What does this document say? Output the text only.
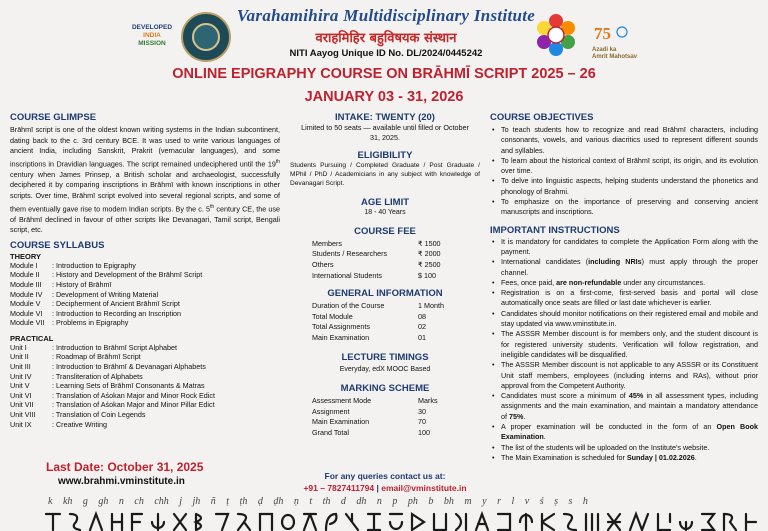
DEVELOPED
INDIA
MISSION
Varahamihira Multidisciplinary Institute
वराहमिहिर बहुविषयक संस्थान
NITI Aayog Unique ID No. DL/2024/0445242
75
Azadi ka
Amrit Mahotsav
ONLINE EPIGRAPHY COURSE ON BRĀHMĪ SCRIPT 2025 – 26
JANUARY 03 - 31, 2026
COURSE GLIMPSE

Brāhmī script is one of the oldest known writing systems in the Indian subcontinent, dating back to the c. 3rd century BCE. It was used to write various languages of ancient India, including Sanskrit, Prakrit (vernacular languages), and some inscriptions in Dravidian languages. The script remained undeciphered until the 19th century when James Prinsep, a British scholar and archaeologist, successfully deciphered it by comparing inscriptions in Brāhmī with known inscriptions in other scripts. Over time, Brāhmī script evolved into several regional scripts, and some of them eventually gave rise to modern Indian scripts. By the c. 5th century CE, the use of Brāhmī declined in favour of other scripts like Devanagari, Tamil script, Bengali script, etc.

COURSE SYLLABUS
THEORY
Module I	: Introduction to Epigraphy
Module II	: History and Development of the Brāhmī Script
Module III	: History of Brāhmī
Module IV	: Development of Writing Material
Module V	: Decipherment of Ancient Brāhmī Script
Module VI	: Introduction to Recording an Inscription
Module VII	: Problems in Epigraphy
PRACTICAL
Unit I	: Introduction to Brāhmī Script Alphabet
Unit II	: Roadmap of Brāhmī Script
Unit III	: Introduction to Brāhmī & Devanagari Alphabets
Unit IV	: Transliteration of Alphabets
Unit V	: Learning Sets of Brāhmī Consonants & Matras
Unit VI	: Translation of Aśokan Major and Minor Rock Edict
Unit VII	: Translation of Aśokan Major and Minor Pillar Edict
Unit VIII	: Translation of Coin Legends
Unit IX	: Creative Writing
Last Date: October 31, 2025
www.brahmi.vminstitute.in
INTAKE: TWENTY (20)
Limited to 50 seats — available until filled or October 31, 2025.
ELIGIBILITY
Students Pursuing / Completed Graduate / Post Graduate / MPhil / PhD / Academicians in any subject with knowledge of Devanagari Script.
AGE LIMIT
18 - 40 Years
COURSE FEE
Members	₹ 1500
Students / Researchers	₹ 2000
Others	₹ 2500
International Students	$ 100
GENERAL INFORMATION
Duration of the Course	1 Month
Total Module	08
Total Assignments	02
Main Examination	01
LECTURE TIMINGS
Everyday, edX MOOC Based
MARKING SCHEME
Assessment Mode	Marks
Assignment	30
Main Examination	70
Grand Total	100
For any queries contact us at:
+91 – 7827411794 | email@vminstitute.in
COURSE OBJECTIVES
• To teach students how to recognize and read Brāhmī characters, including consonants, vowels, and various diacritics used to represent different sounds and syllables.
• To learn about the historical context of Brāhmī script, its origin, and its evolution over time.
• To delve into linguistic aspects, helping students understand the phonetics and phonology of Brahmi.
• To emphasize on the importance of preserving and conserving ancient manuscripts and inscriptions.
IMPORTANT INSTRUCTIONS
• It is mandatory for candidates to complete the Application Form along with the payment.
• International candidates (including NRIs) must apply through the proper channel.
• Fees, once paid, are non-refundable under any circumstances.
• Registration is on a first-come, first-served basis and portal will close automatically once seats are filled or last date whichever is earlier.
• Candidates should monitor notifications on their registered email and mobile and stay updated via www.vminstitute.in.
• The ASSSR Member discount is for members only, and the student discount is for registered university students. Verification will follow registration, and ineligible candidates will be disqualified.
• The ASSSR Member discount is not applicable to any ASSSR or its Constituent Unit staff members, employees (including interns and RAs), without prior approval from the Competent Authority.
• Candidates must score a minimum of 45% in all assessment types, including assignments and the main examination, and maintain a mandatory attendance of 75%.
• A proper examination will be conducted in the form of an Open Book Examination.
• The list of the students will be uploaded on the Institute's website.
• The Main Examination is scheduled for Sunday | 01.02.2026.
k kh g gh n ch chh j jh ñ ṭ ṭh ḍ ḍh ṇ t th d dh n p ph b bh m y r l v ś ṣ s h
